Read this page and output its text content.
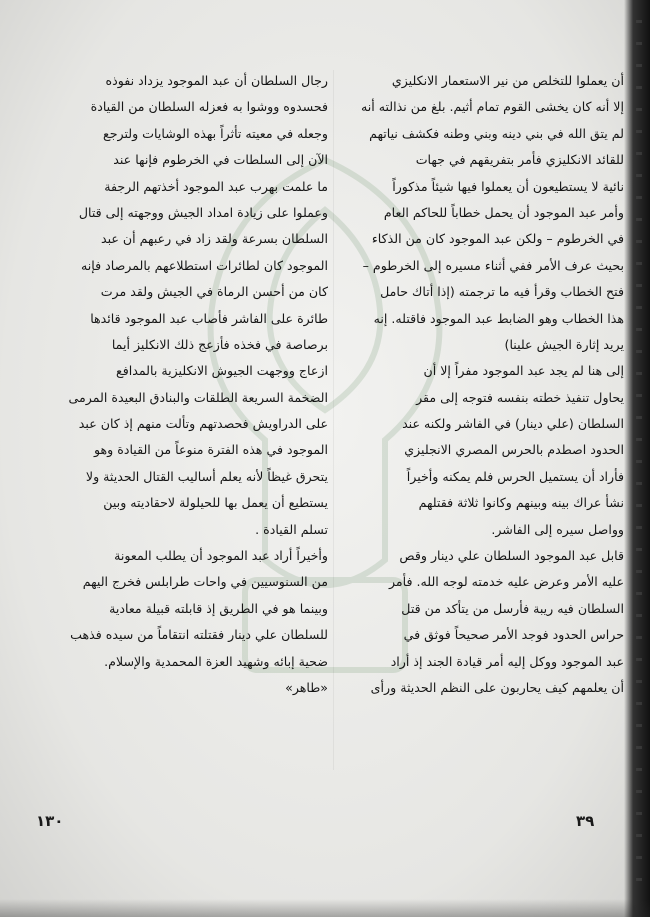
أن يعملوا للتخلص من نير الاستعمار الانكليزي
إلا أنه كان يخشى القوم تمام أثيم. بلغ من نذالته أنه
لم يتق الله في بني دينه وبني وطنه فكشف نياتهم
للقائد الانكليزي فأمر بتفريقهم في جهات
نائية لا يستطيعون أن يعملوا فيها شيئاً مذكوراً
وأمر عبد الموجود أن يحمل خطاباً للحاكم العام
في الخرطوم – ولكن عبد الموجود كان من الذكاء
بحيث عرف الأمر ففي أثناء مسيره إلى الخرطوم –
فتح الخطاب وقرأ فيه ما ترجمته (إذا أتاك حامل
هذا الخطاب وهو الضابط عبد الموجود فاقتله. إنه
يريد إثارة الجيش علينا)
إلى هنا لم يجد عبد الموجود مفراً إلا أن
يحاول تنفيذ خطته بنفسه فتوجه إلى مقر
السلطان (علي دينار) في الفاشر ولكنه عند
الحدود اصطدم بالحرس المصري الانجليزي
فأراد أن يستميل الحرس فلم يمكنه وأخيراً
نشأ عراك بينه وبينهم وكانوا ثلاثة فقتلهم
وواصل سيره إلى الفاشر.
قابل عبد الموجود السلطان علي دينار وقص
عليه الأمر وعرض عليه خدمته لوجه الله. فأمر
السلطان فيه ريبة فأرسل من يتأكد من قتل
حراس الحدود فوجد الأمر صحيحاً فوثق في
عبد الموجود ووكل إليه أمر قيادة الجند إذ أراد
أن يعلمهم كيف يحاربون على النظم الحديثة ورأى
رجال السلطان أن عبد الموجود يزداد نفوذه
فحسدوه ووشوا به فعزله السلطان من القيادة
وجعله في معيته تأثراً بهذه الوشايات ولترجع
الآن إلى السلطات في الخرطوم فإنها عند
ما علمت بهرب عبد الموجود أخذتهم الرجفة
وعملوا على زيادة امداد الجيش ووجهته إلى قتال
السلطان بسرعة ولقد زاد في رعبهم أن عبد
الموجود كان لطائرات استطلاعهم بالمرصاد فإنه
كان من أحسن الرماة في الجيش ولقد مرت
طائرة على الفاشر فأصاب عبد الموجود قائدها
برصاصة في فخذه فأزعج ذلك الانكليز أيما
ازعاج ووجهت الجيوش الانكليزية بالمدافع
الضخمة السريعة الطلقات والبنادق البعيدة المرمى
على الدراويش فحصدتهم وتألت منهم إذ كان عبد
الموجود في هذه الفترة منوعاً من القيادة وهو
يتحرق غيظاً لأنه يعلم أساليب القتال الحديثة ولا
يستطيع أن يعمل بها للحيلولة لاحقاديته وبين
تسلم القيادة .
وأخيراً أراد عبد الموجود أن يطلب المعونة
من السنوسيين في واحات طرابلس فخرج اليهم
وبينما هو في الطريق إذ قابلته قبيلة معادية
للسلطان علي دينار فقتلته انتقاماً من سيده فذهب
ضحية إبائه وشهيد العزة المحمدية والإسلام.
«طاهر»
٣٩
١٣٠
